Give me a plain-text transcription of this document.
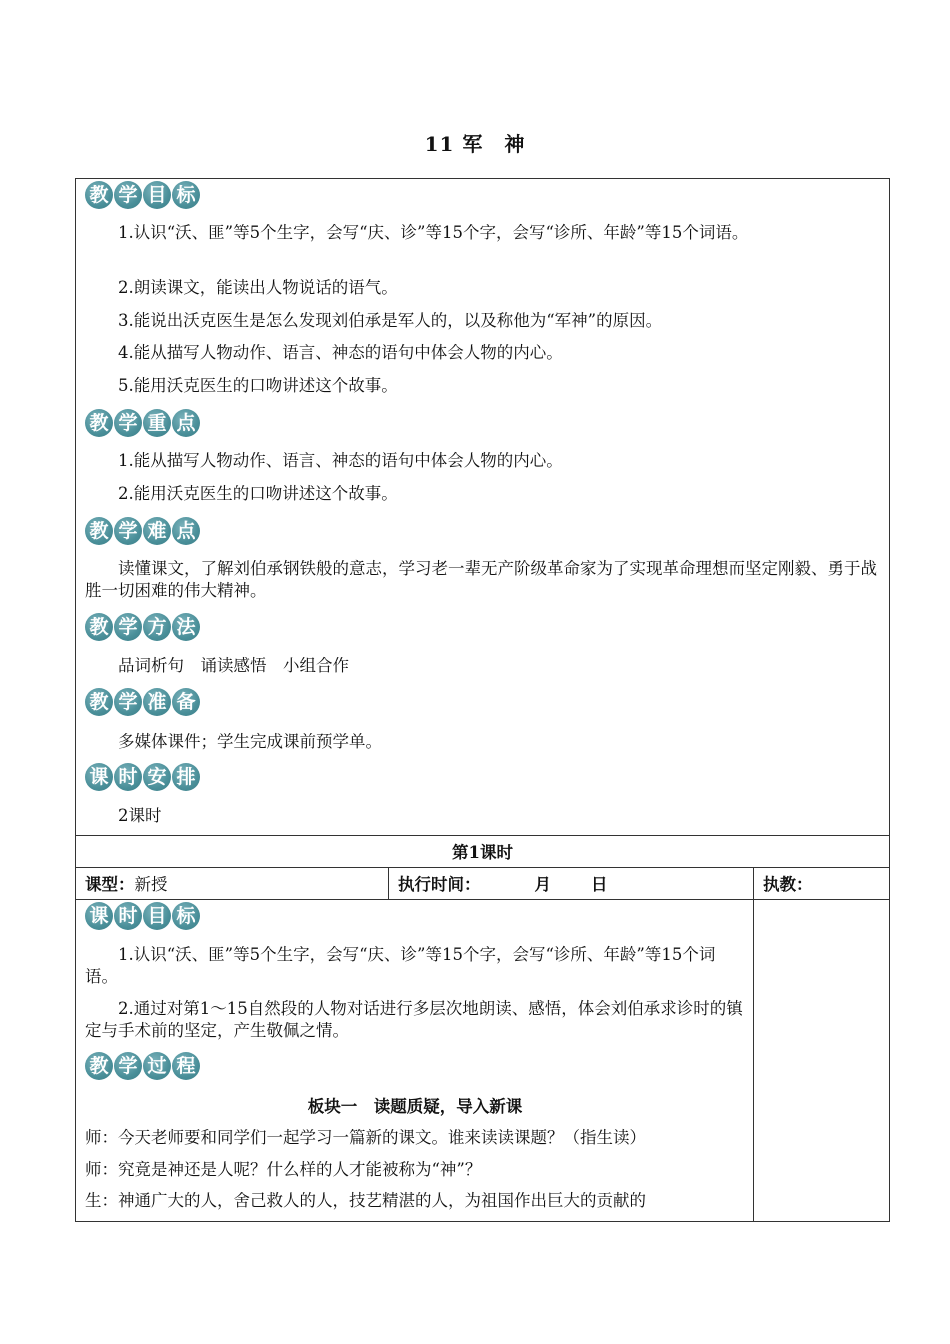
11 军　神
教 学 目 标
1.认识“沃、匪”等5个生字，会写“庆、诊”等15个字，会写“诊所、年龄”等15个词语。
2.朗读课文，能读出人物说话的语气。
3.能说出沃克医生是怎么发现刘伯承是军人的，以及称他为“军神”的原因。
4.能从描写人物动作、语言、神态的语句中体会人物的内心。
5.能用沃克医生的口吻讲述这个故事。
教 学 重 点
1.能从描写人物动作、语言、神态的语句中体会人物的内心。
2.能用沃克医生的口吻讲述这个故事。
教 学 难 点
读懂课文，了解刘伯承钢铁般的意志，学习老一辈无产阶级革命家为了实现革命理想而坚定刚毅、勇于战胜一切困难的伟大精神。
教 学 方 法
品词析句　诵读感悟　小组合作
教 学 准 备
多媒体课件；学生完成课前预学单。
课 时 安 排
2课时
第1课时
课型：新授	执行时间：	月 日	执教：
课 时 目 标
1.认识“沃、匪”等5个生字，会写“庆、诊”等15个字，会写“诊所、年龄”等15个词语。
2.通过对第1～15自然段的人物对话进行多层次地朗读、感悟，体会刘伯承求诊时的镇定与手术前的坚定，产生敬佩之情。
教 学 过 程
板块一　读题质疑，导入新课
师：今天老师要和同学们一起学习一篇新的课文。谁来读读课题？（指生读）
师：究竟是神还是人呢？什么样的人才能被称为“神”？
生：神通广大的人，舍己救人的人，技艺精湛的人，为祖国作出巨大的贡献的
